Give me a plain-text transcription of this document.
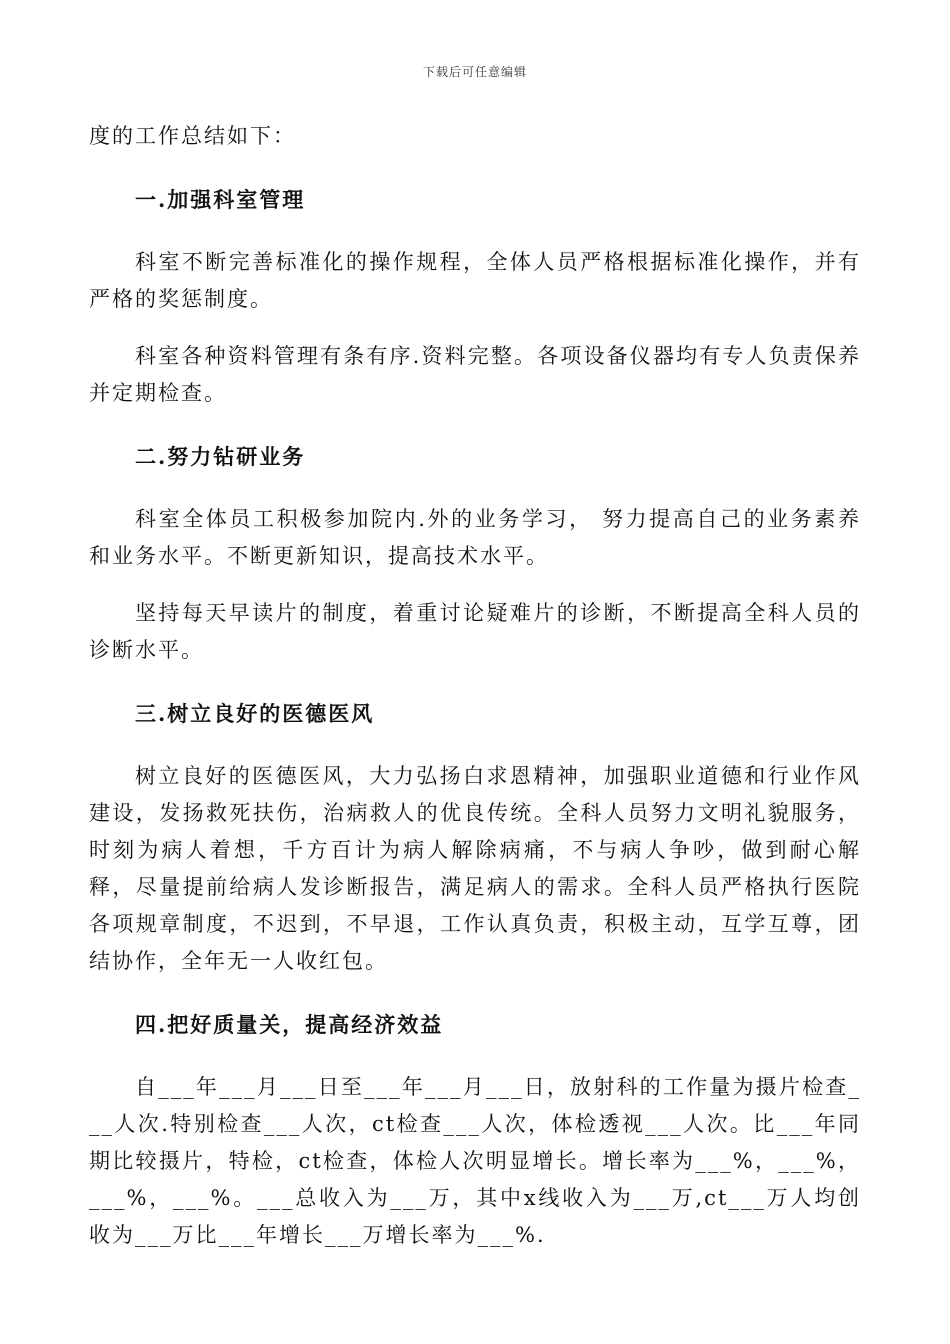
下载后可任意编辑

度的工作总结如下：

一.加强科室管理

科室不断完善标准化的操作规程，全体人员严格根据标准化操作，并有严格的奖惩制度。

科室各种资料管理有条有序.资料完整。各项设备仪器均有专人负责保养并定期检查。

二.努力钻研业务

科室全体员工积极参加院内.外的业务学习， 努力提高自己的业务素养和业务水平。不断更新知识，提高技术水平。

坚持每天早读片的制度，着重讨论疑难片的诊断，不断提高全科人员的诊断水平。

三.树立良好的医德医风

树立良好的医德医风，大力弘扬白求恩精神，加强职业道德和行业作风建设，发扬救死扶伤，治病救人的优良传统。全科人员努力文明礼貌服务，时刻为病人着想，千方百计为病人解除病痛，不与病人争吵，做到耐心解释，尽量提前给病人发诊断报告，满足病人的需求。全科人员严格执行医院各项规章制度，不迟到，不早退，工作认真负责，积极主动，互学互尊，团结协作，全年无一人收红包。

四.把好质量关，提高经济效益

自___年___月___日至___年___月___日，放射科的工作量为摄片检查___人次.特别检查___人次，ct检查___人次，体检透视___人次。比___年同期比较摄片，特检，ct检查，体检人次明显增长。增长率为___%，___%，___%，___%。___总收入为___万，其中x线收入为___万,ct___万人均创收为___万比___年增长___万增长率为___%.
